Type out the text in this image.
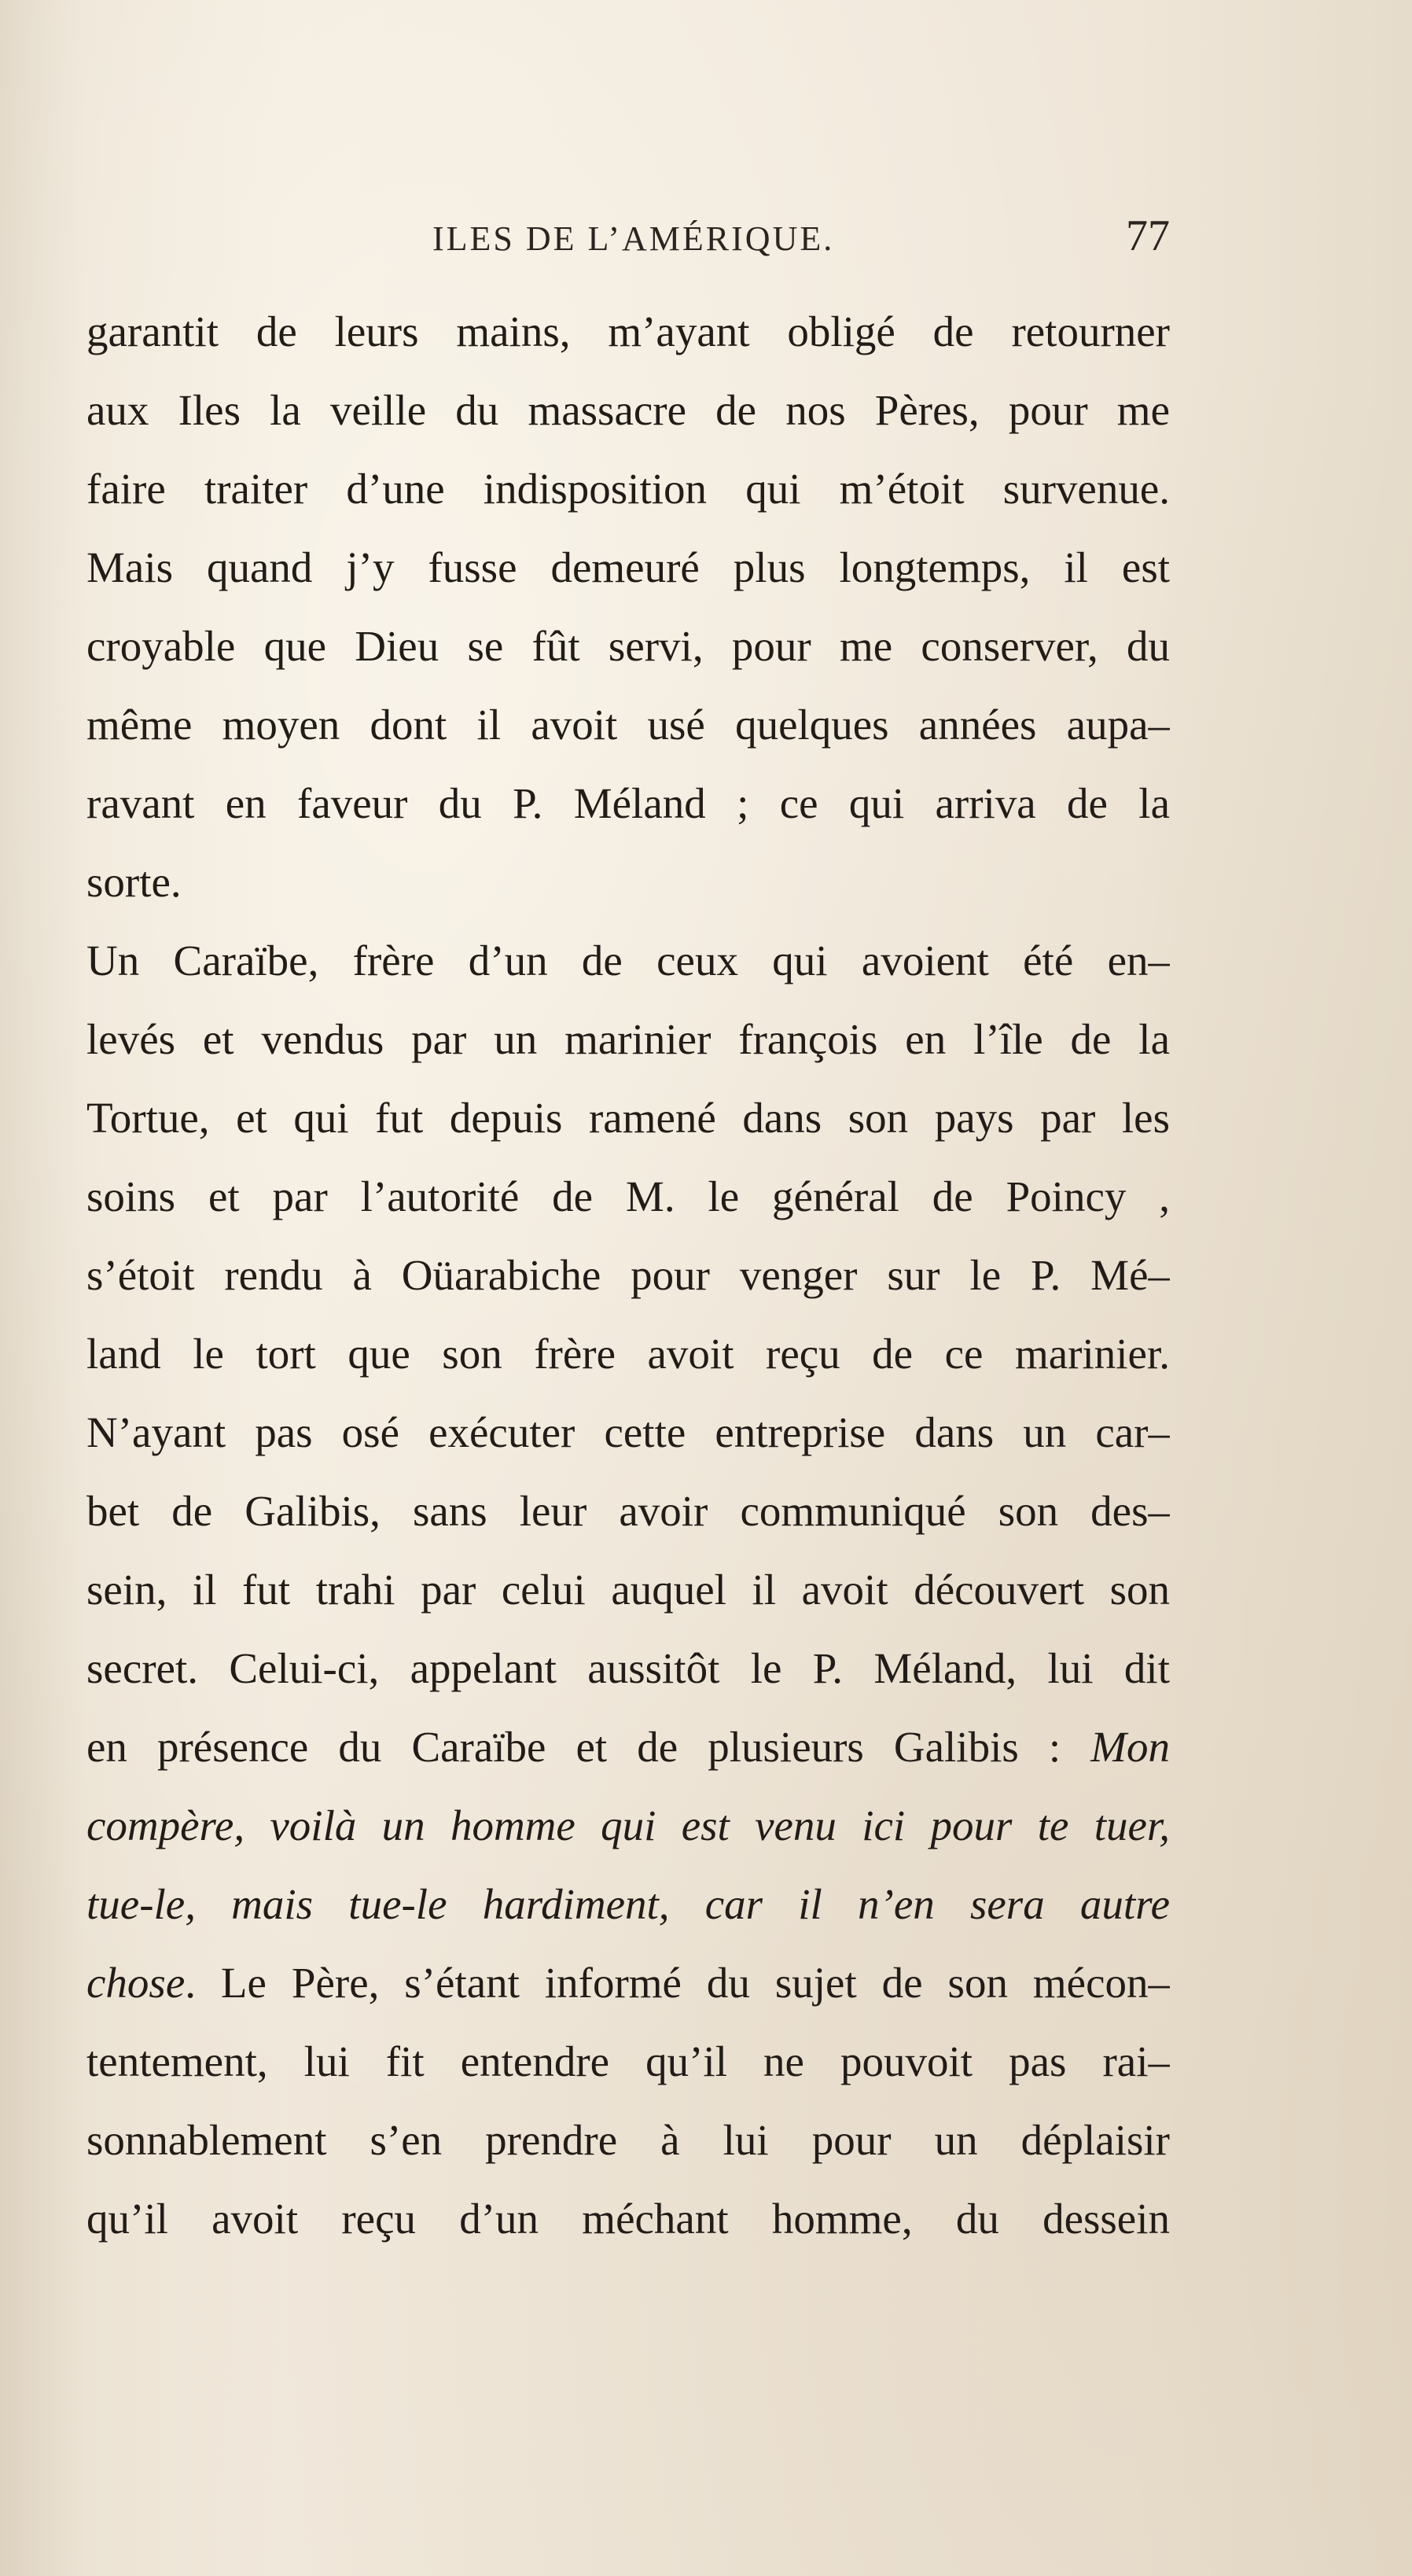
ILES DE L’AMÉRIQUE.	77
garantit de leurs mains, m’ayant obligé de retourner
aux Iles la veille du massacre de nos Pères, pour me
faire traiter d’une indisposition qui m’étoit survenue.
Mais quand j’y fusse demeuré plus longtemps, il est
croyable que Dieu se fût servi, pour me conserver, du
même moyen dont il avoit usé quelques années aupa–
ravant en faveur du P. Méland ; ce qui arriva de la
sorte.
Un Caraïbe, frère d’un de ceux qui avoient été en–
levés et vendus par un marinier françois en l’île de la
Tortue, et qui fut depuis ramené dans son pays par les
soins et par l’autorité de M. le général de Poincy ,
s’étoit rendu à Oüarabiche pour venger sur le P. Mé–
land le tort que son frère avoit reçu de ce marinier.
N’ayant pas osé exécuter cette entreprise dans un car–
bet de Galibis, sans leur avoir communiqué son des–
sein, il fut trahi par celui auquel il avoit découvert son
secret. Celui-ci, appelant aussitôt le P. Méland, lui dit
en présence du Caraïbe et de plusieurs Galibis : Mon
compère, voilà un homme qui est venu ici pour te tuer,
tue-le, mais tue-le hardiment, car il n’en sera autre
chose. Le Père, s’étant informé du sujet de son mécon–
tentement, lui fit entendre qu’il ne pouvoit pas rai–
sonnablement s’en prendre à lui pour un déplaisir
qu’il avoit reçu d’un méchant homme, du dessein
